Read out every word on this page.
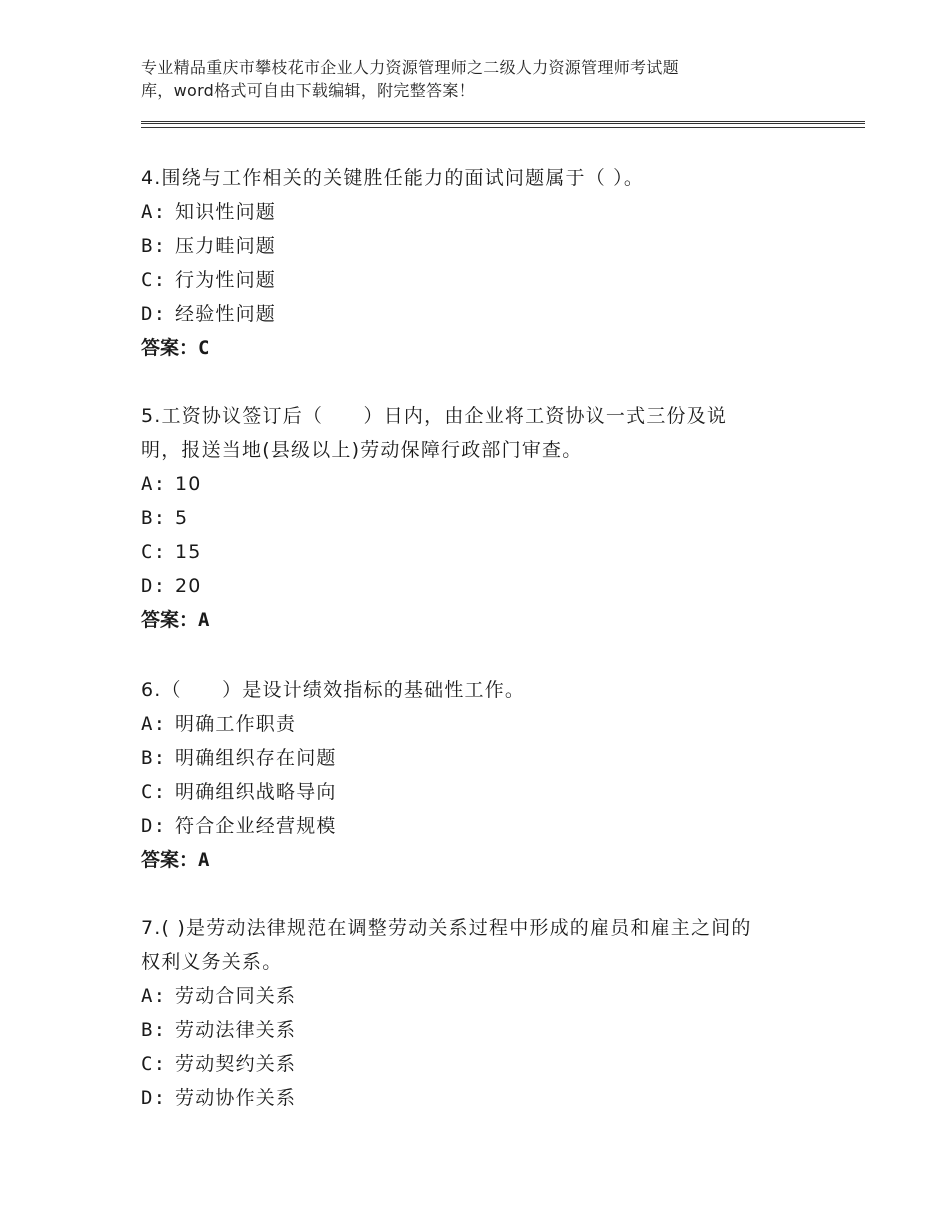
专业精品重庆市攀枝花市企业人力资源管理师之二级人力资源管理师考试题
库，word格式可自由下载编辑，附完整答案！

4.围绕与工作相关的关键胜任能力的面试问题属于（ ）。

A: 知识性问题

B: 压力畦问题

C: 行为性问题

D: 经验性问题

答案：C

5.工资协议签订后（　　）日内，由企业将工资协议一式三份及说

明，报送当地(县级以上)劳动保障行政部门审查。

A: 10

B: 5

C: 15

D: 20

答案：A

6.（　　）是设计绩效指标的基础性工作。

A: 明确工作职责

B: 明确组织存在问题

C: 明确组织战略导向

D: 符合企业经营规模

答案：A

7.( )是劳动法律规范在调整劳动关系过程中形成的雇员和雇主之间的

权利义务关系。

A: 劳动合同关系

B: 劳动法律关系

C: 劳动契约关系

D: 劳动协作关系
